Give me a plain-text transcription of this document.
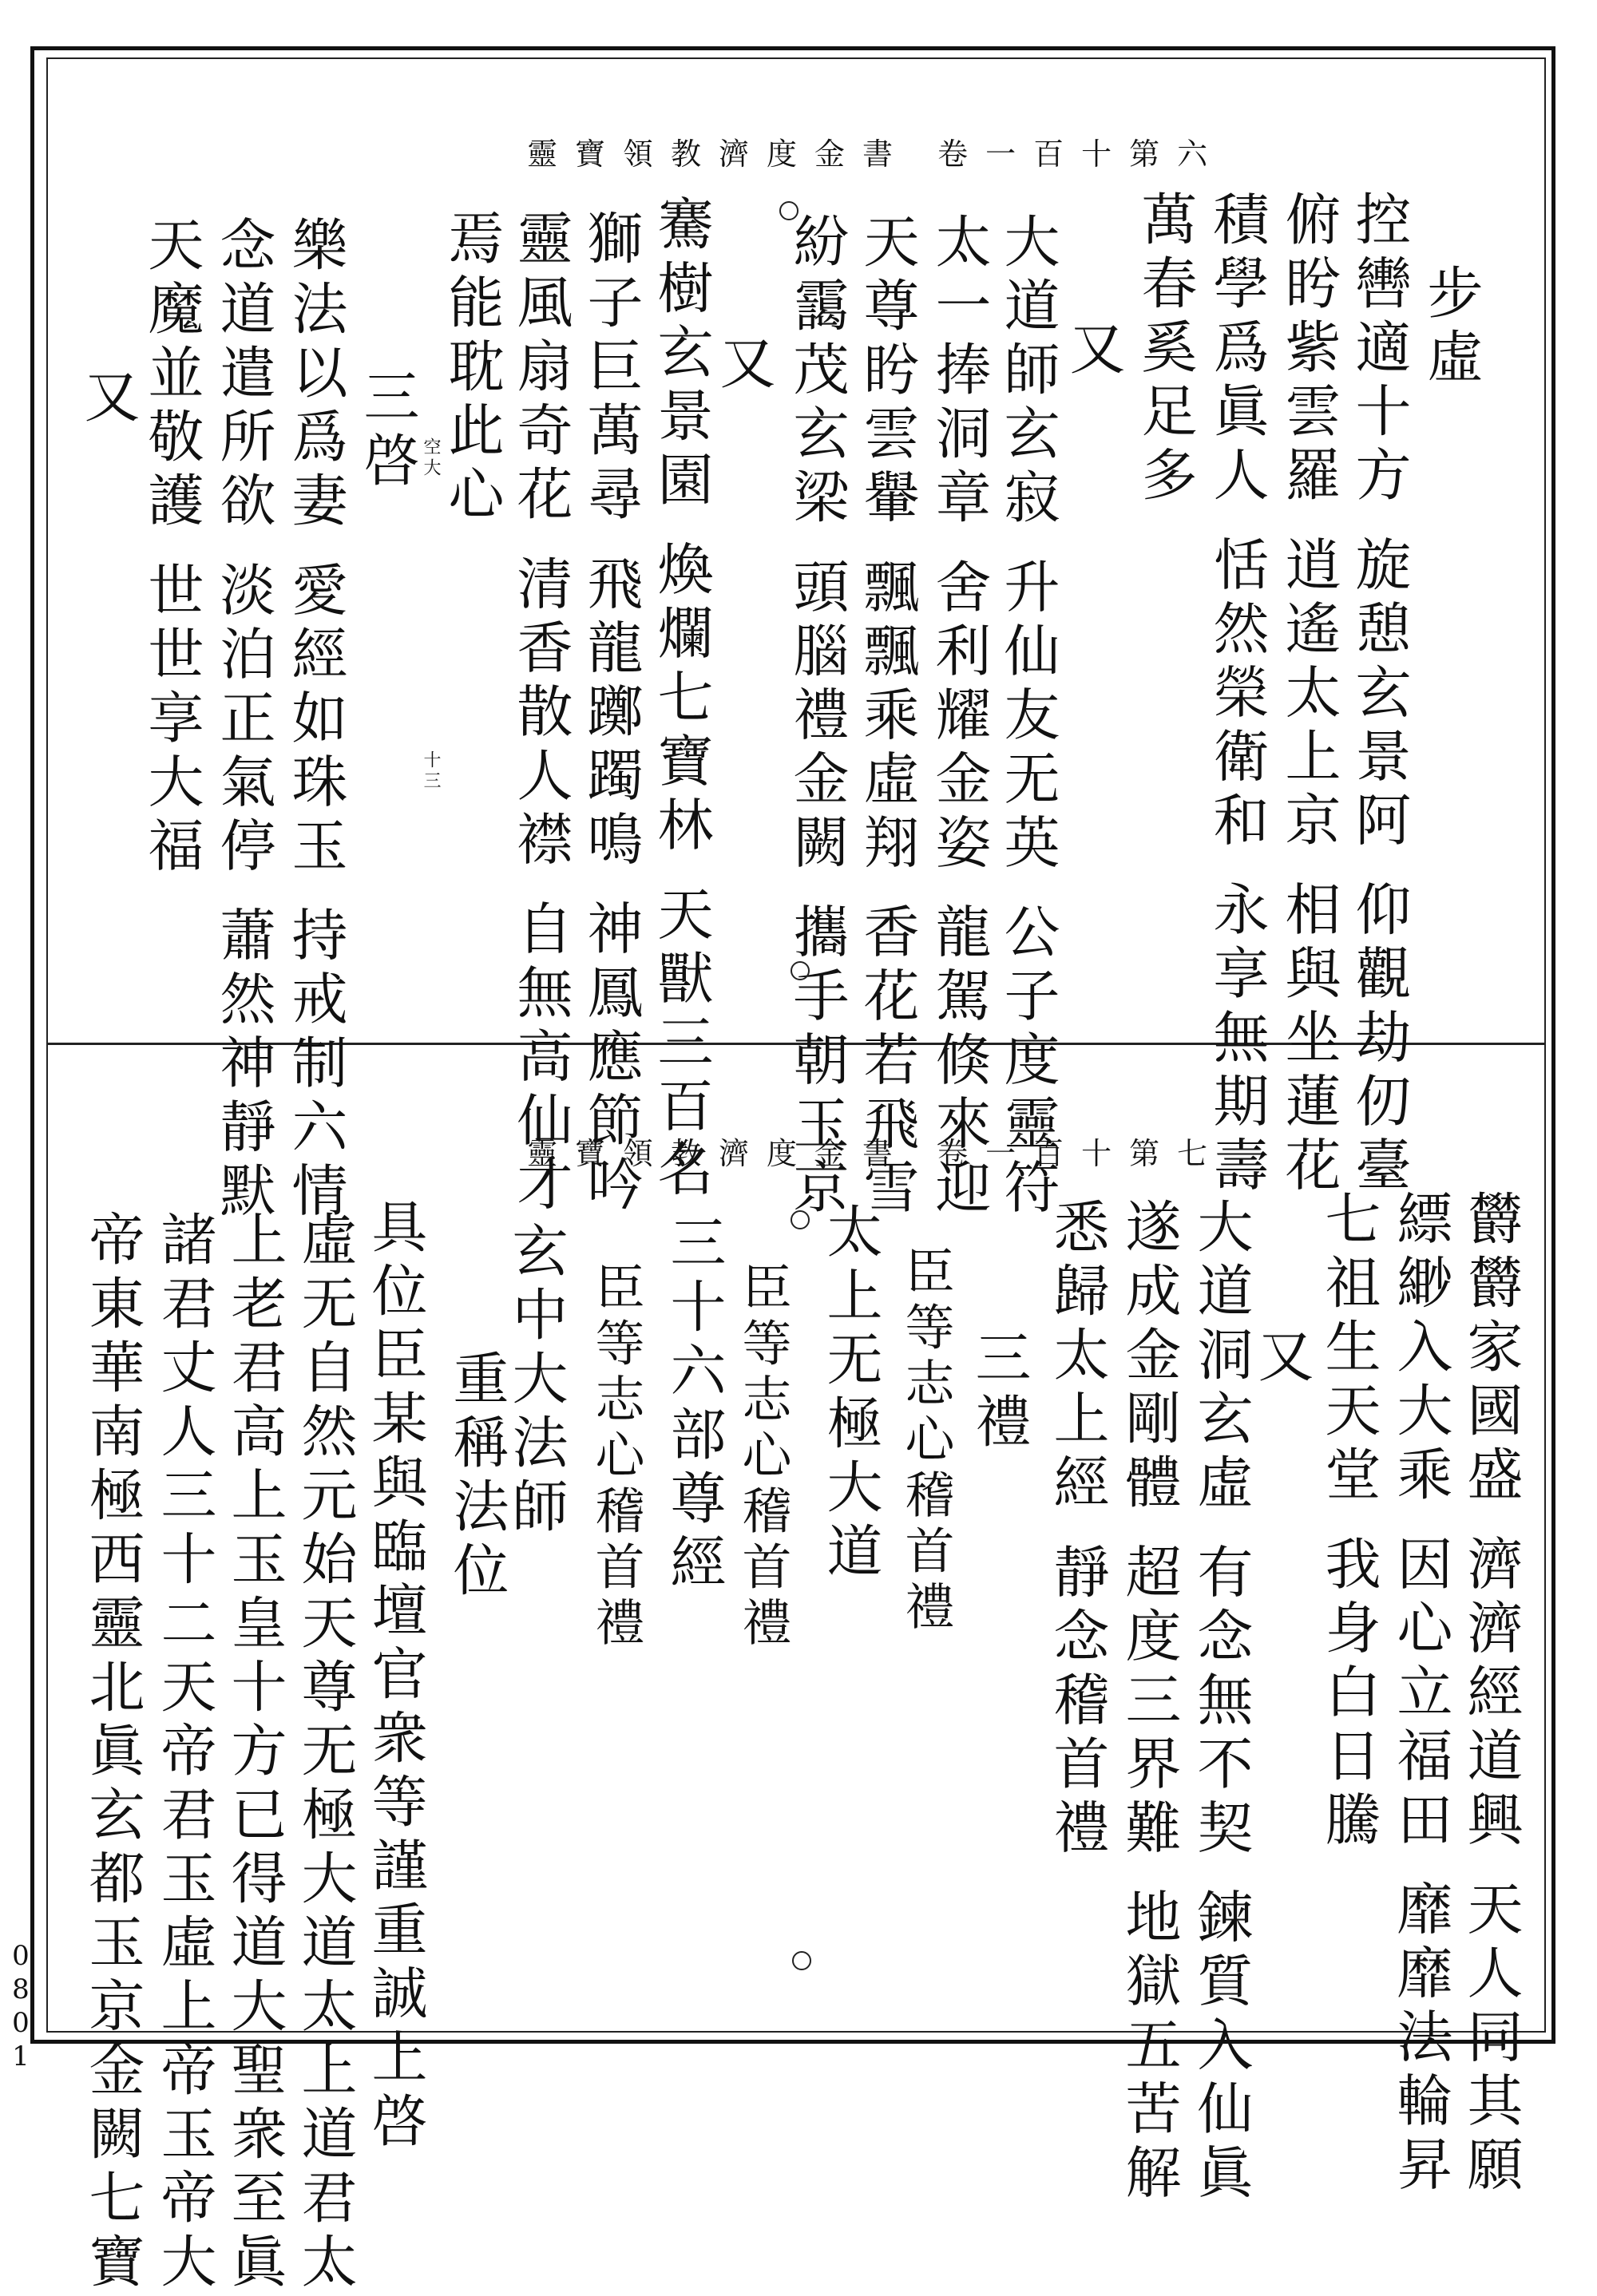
靈寶領教濟度金書 卷一百十第六
步虛
控轡適十方 旋憩玄景阿 仰觀劫仞臺
俯盻紫雲羅 逍遙太上京 相與坐蓮花
積學爲眞人 恬然榮衛和 永享無期壽
萬春奚足多
又
大道師玄寂 升仙友无英 公子度靈符
太一捧洞章 舍利耀金姿 龍駕倏來迎
天尊盻雲轝 飄飄乘虛翔 香花若飛雪
紛靄茂玄梁 頭腦禮金闕 攜手朝玉京
又
騫樹玄景園 煥爛七寶林 天獸三百名
獅子巨萬尋 飛龍躑躅鳴 神鳳應節吟
靈風扇奇花 清香散人襟 自無高仙才
焉能耽此心
三啓
樂法以爲妻 愛經如珠玉 持戒制六情
念道遣所欲 淡泊正氣停 蕭然神靜默
天魔並敬護 世世享大福
又
空大
十三
靈寶領教濟度金書 卷一百十第七
欝欝家國盛 濟濟經道興 天人同其願
縹緲入大乘 因心立福田 靡靡法輪昇
七祖生天堂 我身白日騰
又
大道洞玄虛 有念無不契 鍊質入仙眞
遂成金剛體 超度三界難 地獄五苦解
悉歸太上經 靜念稽首禮
三禮
臣等志心稽首禮
太上无極大道
臣等志心稽首禮
三十六部尊經
臣等志心稽首禮
玄中大法師
重稱法位
具位臣某與臨壇官衆等謹重誠上啓
虛无自然元始天尊无極大道太上道君太
上老君高上玉皇十方已得道大聖衆至眞
諸君丈人三十二天帝君玉虛上帝玉帝大
帝東華南極西靈北眞玄都玉京金闕七寶
0801
